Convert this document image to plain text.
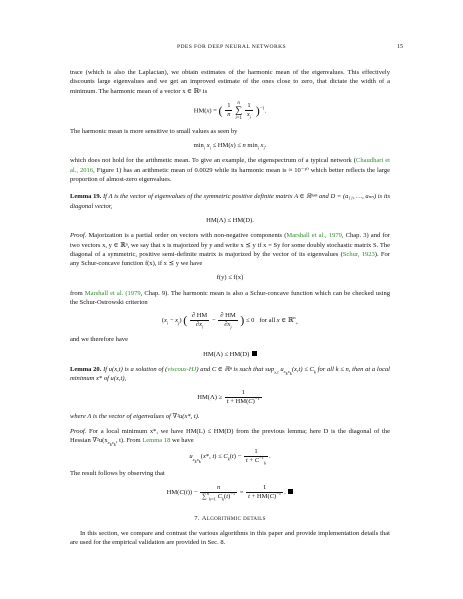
PDES FOR DEEP NEURAL NETWORKS	15

trace (which is also the Laplacian), we obtain estimates of the harmonic mean of the eigenvalues. This effectively discounts large eigenvalues and we get an improved estimate of the ones close to zero, that dictate the width of a minimum. The harmonic mean of a vector x ∈ ℝⁿ is

HM(x) = ( $\frac{1}{n}$ n
∑
$i=1 \frac{1}{x_i} )^{-1}$.

The harmonic mean is more sensitive to small values as seen by

$\min_i x_i \le HM(x) \le n$ $\min_i x_i$.

which does not hold for the arithmetic mean. To give an example, the eigenspectrum of a typical network (Chaudhari et al., 2016, Figure 1) has an arithmetic mean of 0.0029 while its harmonic mean is ≈ 10⁻¹⁰ which better reflects the large proportion of almost-zero eigenvalues.

Lemma 19. If Λ is the vector of eigenvalues of the symmetric positive definite matrix A ∈ ℝⁿˣⁿ and D = (a₁₁, …, aₙₙ) is its diagonal vector,

HM(Λ) ≤ HM(D).

Proof. Majorization is a partial order on vectors with non-negative components (Marshall et al., 1979, Chap. 3) and for two vectors x, y ∈ ℝⁿ, we say that x is majorized by y and write x ⪯ y if x = Sy for some doubly stochastic matrix S. The diagonal of a symmetric, positive semi-definite matrix is majorized by the vector of its eigenvalues (Schur, 1923). For any Schur-concave function f(x), if x ⪯ y we have

f(y) ≤ f(x)

from Marshall et al. (1979, Chap. 9). The harmonic mean is also a Schur-concave function which can be checked using the Schur-Ostrowski criterion

$(x_i - x_j)$ ( $\frac{\partial HM}{\partial x_i} - \frac{\partial HM}{\partial x_j}$ ) ≤ 0   for all x ∈ ℝ$^n_+$

and we therefore have

HM(Λ) ≤ HM(D)

Lemma 20. If u(x,t) is a solution of (viscous-HJ) and C ∈ ℝⁿ is such that sup$_{x,t}$ $u_{x_kx_k}(x,t) \le C_k$ for all k ≤ n, then at a local minimum x* of u(x,t),

$HM(\Lambda) \ge \frac{1}{t + HM(C)^{-1}}$

where Λ is the vector of eigenvalues of ∇²u(x*, t).

Proof. For a local minimum x*, we have HM(L) ≤ HM(D) from the previous lemma; here D is the diagonal of the Hessian $\nabla^2u(x_{x_kx_k}$, t). From Lemma 18 we have

$u_{x_kx_k}(x*$, $t) \le C_k(t) - \frac{1}{t + C^{-1}_k}$ .

The result follows by observing that

$HM(C(t)) - \frac{n}{\sum^n_{k=1} C_k(t)^{-1}} = \frac{1}{t + HM(C)^{-1}}$ .
7. Algorithmic details

In this section, we compare and contrast the various algorithms in this paper and provide implementation details that are used for the empirical validation are provided in Sec. 8.
